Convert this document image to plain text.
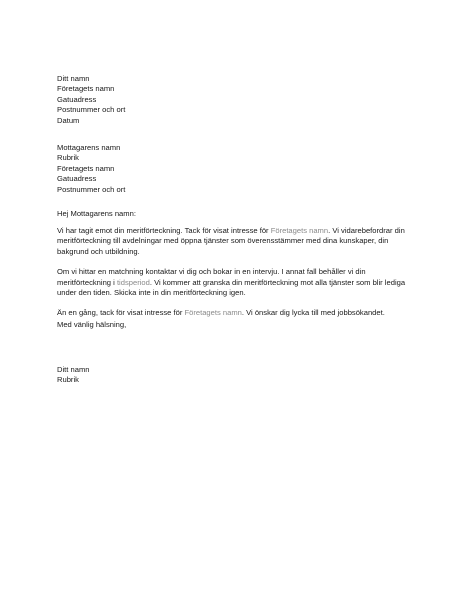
Ditt namn
Företagets namn
Gatuadress
Postnummer och ort
Datum
Mottagarens namn
Rubrik
Företagets namn
Gatuadress
Postnummer och ort
Hej Mottagarens namn:
Vi har tagit emot din meritförteckning. Tack för visat intresse för Företagets namn. Vi vidarebefordrar din meritförteckning till avdelningar med öppna tjänster som överensstämmer med dina kunskaper, din bakgrund och utbildning.
Om vi hittar en matchning kontaktar vi dig och bokar in en intervju. I annat fall behåller vi din meritförteckning i tidsperiod. Vi kommer att granska din meritförteckning mot alla tjänster som blir lediga under den tiden. Skicka inte in din meritförteckning igen.
Än en gång, tack för visat intresse för Företagets namn. Vi önskar dig lycka till med jobbsökandet.
Med vänlig hälsning,
Ditt namn
Rubrik
